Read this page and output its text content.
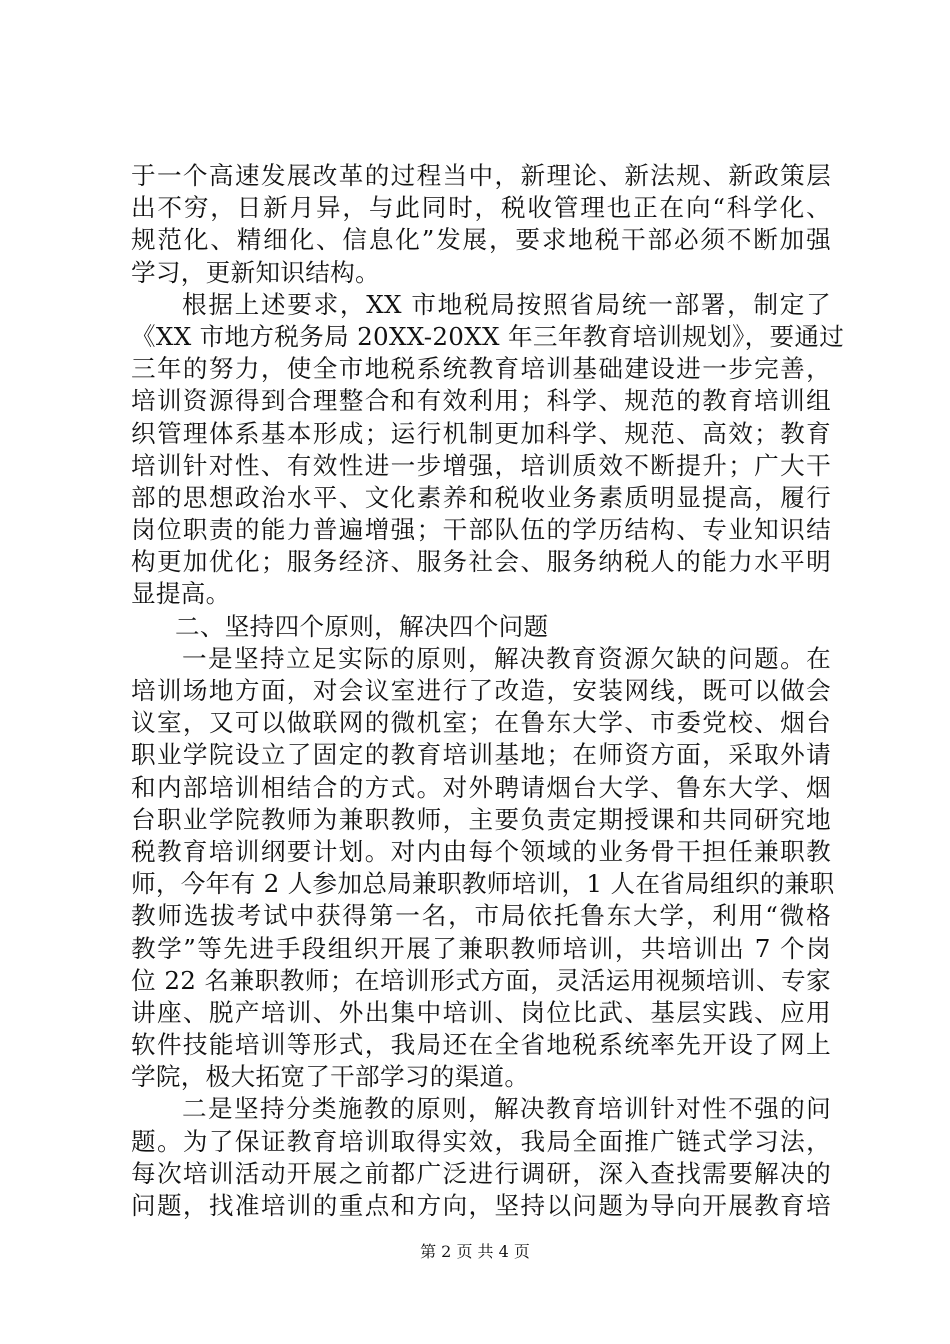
于一个高速发展改革的过程当中，新理论、新法规、新政策层
出不穷，日新月异，与此同时，税收管理也正在向“科学化、
规范化、精细化、信息化”发展，要求地税干部必须不断加强
学习，更新知识结构。
根据上述要求，XX 市地税局按照省局统一部署，制定了
《XX 市地方税务局 20XX-20XX 年三年教育培训规划》，要通过
三年的努力，使全市地税系统教育培训基础建设进一步完善，
培训资源得到合理整合和有效利用；科学、规范的教育培训组
织管理体系基本形成；运行机制更加科学、规范、高效；教育
培训针对性、有效性进一步增强，培训质效不断提升；广大干
部的思想政治水平、文化素养和税收业务素质明显提高，履行
岗位职责的能力普遍增强；干部队伍的学历结构、专业知识结
构更加优化；服务经济、服务社会、服务纳税人的能力水平明
显提高。
二、坚持四个原则，解决四个问题
一是坚持立足实际的原则，解决教育资源欠缺的问题。在
培训场地方面，对会议室进行了改造，安装网线，既可以做会
议室，又可以做联网的微机室；在鲁东大学、市委党校、烟台
职业学院设立了固定的教育培训基地；在师资方面，采取外请
和内部培训相结合的方式。对外聘请烟台大学、鲁东大学、烟
台职业学院教师为兼职教师，主要负责定期授课和共同研究地
税教育培训纲要计划。对内由每个领域的业务骨干担任兼职教
师，今年有 2 人参加总局兼职教师培训，1 人在省局组织的兼职
教师选拔考试中获得第一名，市局依托鲁东大学，利用“微格
教学”等先进手段组织开展了兼职教师培训，共培训出 7 个岗
位 22 名兼职教师；在培训形式方面，灵活运用视频培训、专家
讲座、脱产培训、外出集中培训、岗位比武、基层实践、应用
软件技能培训等形式，我局还在全省地税系统率先开设了网上
学院，极大拓宽了干部学习的渠道。
二是坚持分类施教的原则，解决教育培训针对性不强的问
题。为了保证教育培训取得实效，我局全面推广链式学习法，
每次培训活动开展之前都广泛进行调研，深入查找需要解决的
问题，找准培训的重点和方向，坚持以问题为导向开展教育培
第 2 页 共 4 页
